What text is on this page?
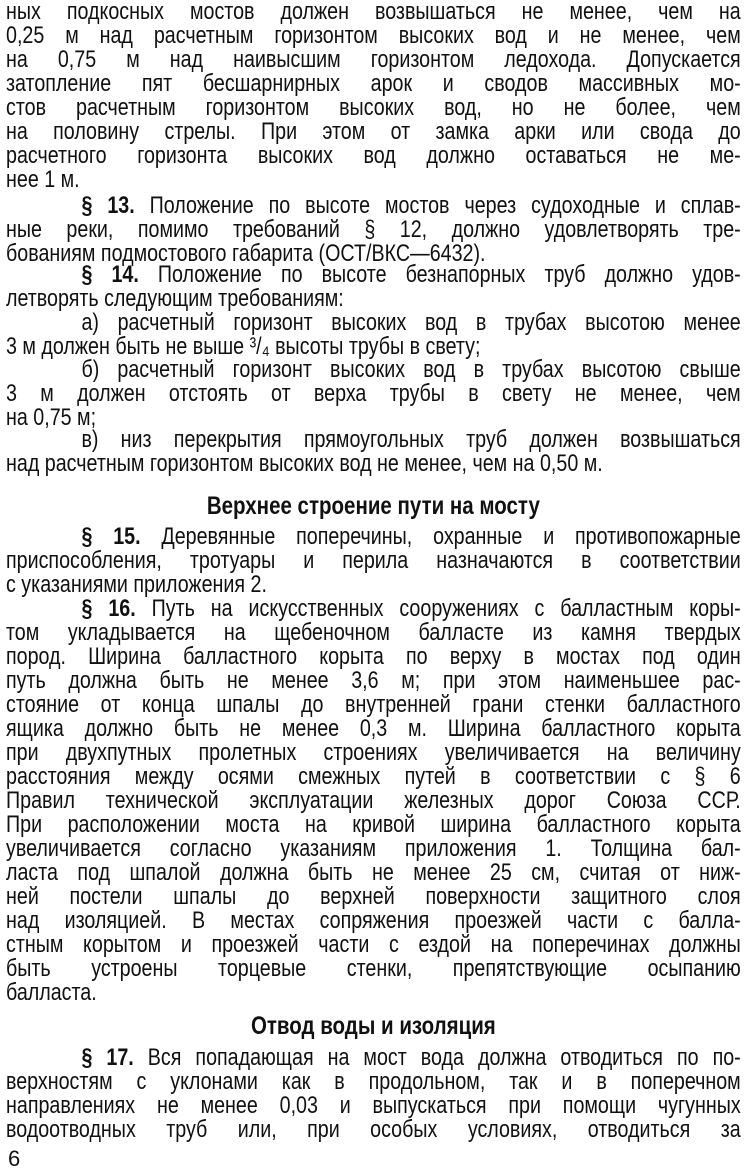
ных подкосных мостов должен возвышаться не менее, чем на
0,25 м над расчетным горизонтом высоких вод и не менее, чем
на 0,75 м над наивысшим горизонтом ледохода. Допускается
затопление пят бесшарнирных арок и сводов массивных мо-
стов расчетным горизонтом высоких вод, но не более, чем
на половину стрелы. При этом от замка арки или свода до
расчетного горизонта высоких вод должно оставаться не ме-
нее 1 м.
§ 13. Положение по высоте мостов через судоходные и сплав-
ные реки, помимо требований § 12, должно удовлетворять тре-
бованиям подмостового габарита (ОСТ/ВКС—6432).
§ 14. Положение по высоте безнапорных труб должно удов-
летворять следующим требованиям:
а) расчетный горизонт высоких вод в трубах высотою менее
3 м должен быть не выше ³/₄ высоты трубы в свету;
б) расчетный горизонт высоких вод в трубах высотою свыше
3 м должен отстоять от верха трубы в свету не менее, чем
на 0,75 м;
в) низ перекрытия прямоугольных труб должен возвышаться
над расчетным горизонтом высоких вод не менее, чем на 0,50 м.
Верхнее строение пути на мосту
§ 15. Деревянные поперечины, охранные и противопожарные
приспособления, тротуары и перила назначаются в соответствии
с указаниями приложения 2.
§ 16. Путь на искусственных сооружениях с балластным коры-
том укладывается на щебеночном балласте из камня твердых
пород. Ширина балластного корыта по верху в мостах под один
путь должна быть не менее 3,6 м; при этом наименьшее рас-
стояние от конца шпалы до внутренней грани стенки балластного
ящика должно быть не менее 0,3 м. Ширина балластного корыта
при двухпутных пролетных строениях увеличивается на величину
расстояния между осями смежных путей в соответствии с § 6
Правил технической эксплуатации железных дорог Союза ССР.
При расположении моста на кривой ширина балластного корыта
увеличивается согласно указаниям приложения 1. Толщина бал-
ласта под шпалой должна быть не менее 25 см, считая от ниж-
ней постели шпалы до верхней поверхности защитного слоя
над изоляцией. В местах сопряжения проезжей части с балла-
стным корытом и проезжей части с ездой на поперечинах должны
быть устроены торцевые стенки, препятствующие осыпанию
балласта.
Отвод воды и изоляция
§ 17. Вся попадающая на мост вода должна отводиться по по-
верхностям с уклонами как в продольном, так и в поперечном
направлениях не менее 0,03 и выпускаться при помощи чугунных
водоотводных труб или, при особых условиях, отводиться за
6
